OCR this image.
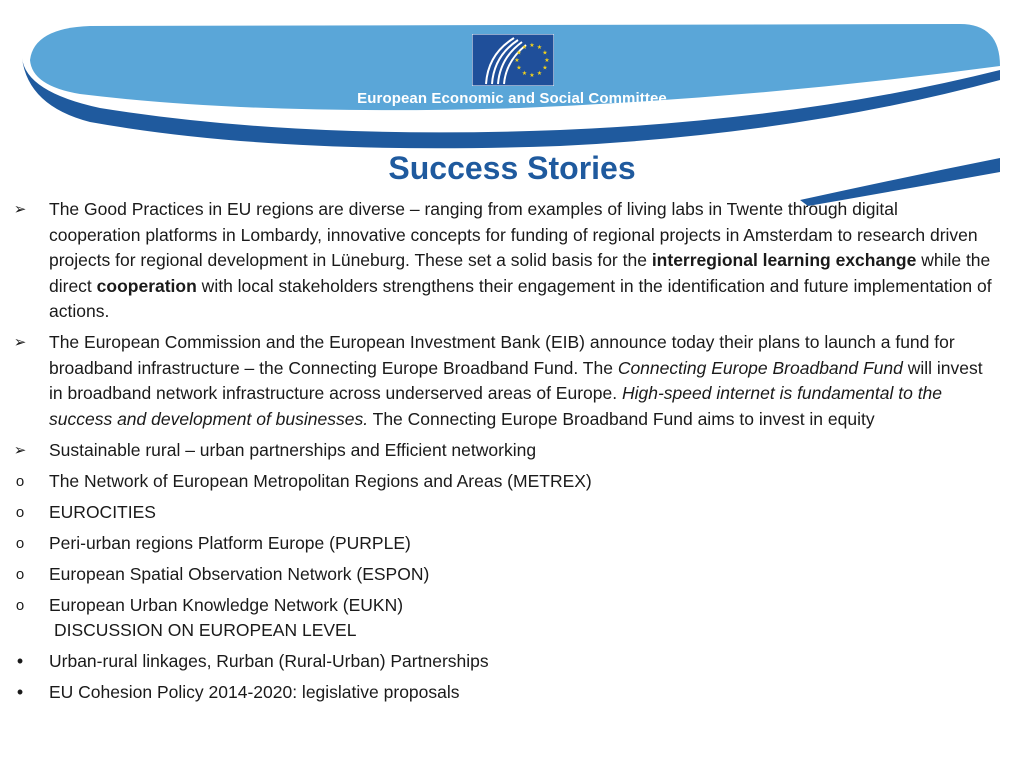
★ ★
★
★
★
★
★
★
★
★
★
★
European Economic and Social Committee
Success Stories
➢ The Good Practices in EU regions are diverse – ranging from examples of living labs in Twente through digital cooperation platforms in Lombardy, innovative concepts for funding of regional projects in Amsterdam to research driven projects for regional development in Lüneburg. These set a solid basis for the interregional learning exchange while the direct cooperation with local stakeholders strengthens their engagement in the identification and future implementation of actions.
➢ The European Commission and the European Investment Bank (EIB) announce today their plans to launch a fund for broadband infrastructure – the Connecting Europe Broadband Fund. The Connecting Europe Broadband Fund will invest in broadband network infrastructure across underserved areas of Europe. High-speed internet is fundamental to the success and development of businesses. The Connecting Europe Broadband Fund aims to invest in equity
➢ Sustainable rural – urban partnerships and Efficient networking
o	The Network of European Metropolitan Regions and Areas (METREX)
o	EUROCITIES
o	Peri-urban regions Platform Europe (PURPLE)
o	European Spatial Observation Network (ESPON)
o	European Urban Knowledge Network (EUKN)
DISCUSSION ON EUROPEAN LEVEL
•	Urban-rural linkages, Rurban (Rural-Urban) Partnerships
•	EU Cohesion Policy 2014-2020: legislative proposals
